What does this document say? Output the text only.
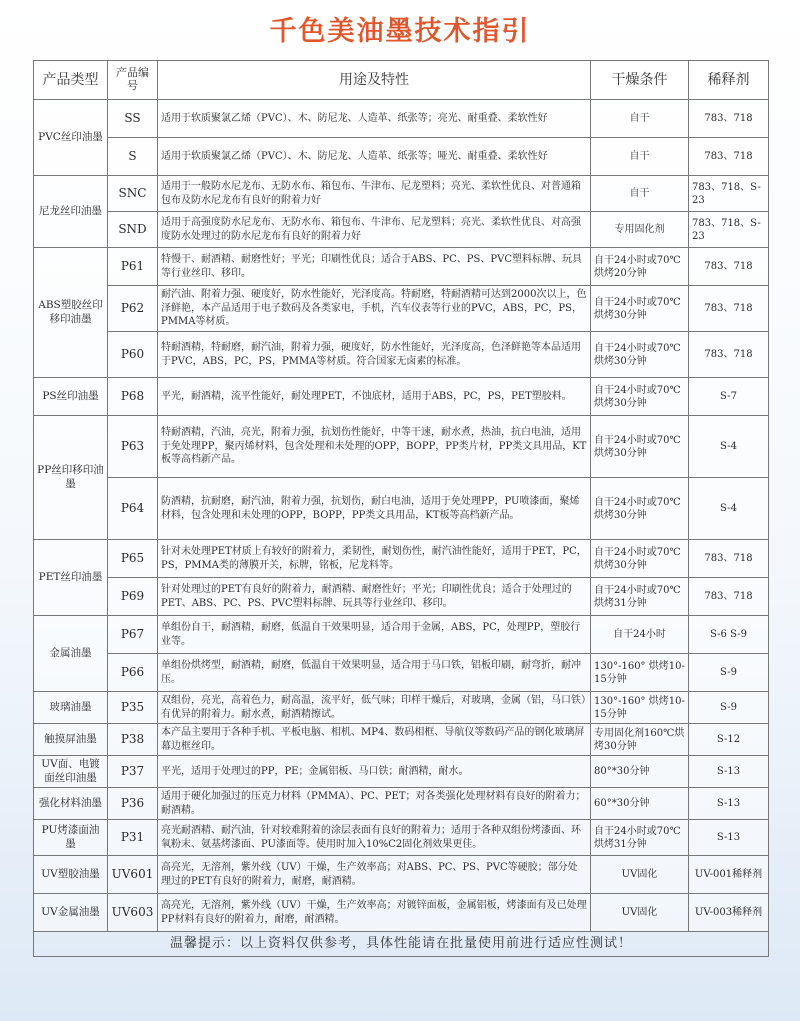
千色美油墨技术指引
产品类型	产品编号	用途及特性	干燥条件	稀释剂
PVC丝印油墨	SS	适用于软质聚氯乙烯（PVC）、木、防尼龙、人造革、纸张等；亮光、耐重叠、柔软性好	自干	783、718
	S	适用于软质聚氯乙烯（PVC）、木、防尼龙、人造革、纸张等；哑光、耐重叠、柔软性好	自干	783、718
尼龙丝印油墨	SNC	适用于一般防水尼龙布、无防水布、箱包布、牛津布、尼龙塑料；亮光、柔软性优良、对普通箱包布及防水尼龙布有良好的附着力好	自干	783、718、S-23
	SND	适用于高强度防水尼龙布、无防水布、箱包布、牛津布、尼龙塑料；亮光、柔软性优良、对高强度防水处理过的防水尼龙布有良好的附着力好	专用固化剂	783、718、S-23
ABS塑胶丝印移印油墨	P61	特慢干、耐酒精、耐磨性好；平光；印刷性优良；适合于ABS、PC、PS、PVC塑料标牌、玩具等行业丝印、移印。	自干24小时或70℃烘烤20分钟	783、718
	P62	耐汽油、附着力强、硬度好，防水性能好，光泽度高。特耐磨，特耐酒精可达到2000次以上，色泽鲜艳，本产品适用于电子数码及各类家电，手机，汽车仪表等行业的PVC，ABS，PC，PS，PMMA等材质。	自干24小时或70℃烘烤30分钟	783、718
	P60	特耐酒精，特耐磨，耐汽油，附着力强，硬度好，防水性能好，光泽度高，色泽鲜艳等本品适用于PVC，ABS，PC，PS，PMMA等材质。符合国家无卤素的标准。	自干24小时或70℃烘烤30分钟	783、718
PS丝印油墨	P68	平光，耐酒精，流平性能好，耐处理PET，不蚀底材，适用于ABS，PC，PS，PET塑胶料。	自干24小时或70℃烘烤30分钟	S-7
PP丝印移印油墨	P63	特耐酒精，汽油，亮光，附着力强，抗划伤性能好，中等干速，耐水煮，热油，抗白电油，适用于免处理PP，聚丙烯材料，包含处理和未处理的OPP，BOPP，PP类片材，PP类文具用品，KT板等高档新产品。	自干24小时或70℃烘烤30分钟	S-4
	P64	防酒精，抗耐磨，耐汽油，附着力强，抗划伤，耐白电油，适用于免处理PP，PU喷漆面，聚烯材料，包含处理和未处理的OPP，BOPP，PP类文具用品，KT板等高档新产品。	自干24小时或70℃烘烤30分钟	S-4
PET丝印油墨	P65	针对未处理PET材质上有较好的附着力，柔韧性，耐划伤性，耐汽油性能好，适用于PET，PC，PS，PMMA类的薄膜开关，标牌，铭板，尼龙料等。	自干24小时或70℃烘烤30分钟	783、718
	P69	针对处理过的PET有良好的附着力，耐酒精、耐磨性好；平光；印刷性优良；适合于处理过的PET、ABS、PC、PS、PVC塑料标牌、玩具等行业丝印、移印。	自干24小时或70℃烘烤31分钟	783、718
金属油墨	P67	单组份自干，耐酒精，耐磨，低温自干效果明显，适合用于金属，ABS，PC，处理PP，塑胶行业等。	自干24小时	S-6 S-9
	P66	单组份烘烤型，耐酒精，耐磨，低温自干效果明显，适合用于马口铁，铝板印刷，耐弯折，耐冲压。	130°-160° 烘烤10-15分钟	S-9
玻璃油墨	P35	双组份，亮光，高着色力，耐高温，流平好，低气味；印样干燥后，对玻璃，金属（铝，马口铁）有优异的附着力。耐水煮，耐酒精擦试。	130°-160° 烘烤10-15分钟	S-9
触摸屏油墨	P38	本产品主要用于各种手机、平板电脑、相机、MP4、数码相框、导航仪等数码产品的钢化玻璃屏幕边框丝印。	专用固化剂160℃烘烤30分钟	S-12
UV面、电镀面丝印油墨	P37	平光，适用于处理过的PP，PE；金属铝板、马口铁；耐酒精，耐水。	80°*30分钟	S-13
强化材料油墨	P36	适用于硬化加强过的压克力材料（PMMA）、PC、PET；对各类强化处理材料有良好的附着力；耐酒精。	60°*30分钟	S-13
PU烤漆面油墨	P31	亮光耐酒精、耐汽油，针对较难附着的涂层表面有良好的附着力；适用于各种双组份烤漆面、环氧粉末、氨基烤漆面、PU漆面等。使用时加入10%C2固化剂效果更佳。	自干24小时或70℃烘烤31分钟	S-13
UV塑胶油墨	UV601	高亮光，无溶剂，紫外线（UV）干燥，生产效率高；对ABS、PC、PS、PVC等硬胶；部分处理过的PET有良好的附着力，耐磨，耐酒精。	UV固化	UV-001稀释剂
UV金属油墨	UV603	高亮光，无溶剂，紫外线（UV）干燥，生产效率高；对镀锌面板，金属铝板，烤漆面有及已处理PP材料有良好的附着力，耐磨，耐酒精。	UV固化	UV-003稀释剂
温馨提示：以上资料仅供参考，具体性能请在批量使用前进行适应性测试！				
